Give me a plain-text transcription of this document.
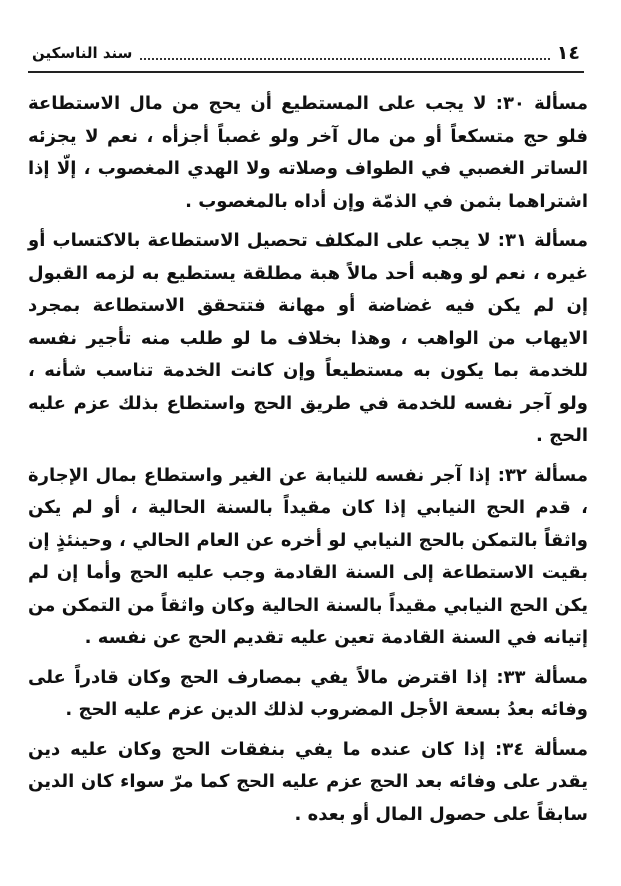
١٤
سند الناسكين

مسألة ٣٠: لا يجب على المستطيع أن يحج من مال الاستطاعة فلو حج متسكعاً أو من مال آخر ولو غصباً أجزأه ، نعم لا يجزئه الساتر الغصبي في الطواف وصلاته ولا الهدي المغصوب ، إلّا إذا اشتراهما بثمن في الذمّة وإن أداه بالمغصوب .

مسألة ٣١: لا يجب على المكلف تحصيل الاستطاعة بالاكتساب أو غيره ، نعم لو وهبه أحد مالاً هبة مطلقة يستطيع به لزمه القبول إن لم يكن فيه غضاضة أو مهانة فتتحقق الاستطاعة بمجرد الايهاب من الواهب ، وهذا بخلاف ما لو طلب منه تأجير نفسه للخدمة بما يكون به مستطيعاً وإن كانت الخدمة تناسب شأنه ، ولو آجر نفسه للخدمة في طريق الحج واستطاع بذلك عزم عليه الحج .

مسألة ٣٢: إذا آجر نفسه للنيابة عن الغير واستطاع بمال الإجارة ، قدم الحج النيابي إذا كان مقيداً بالسنة الحالية ، أو لم يكن واثقاً بالتمكن بالحج النيابي لو أخره عن العام الحالي ، وحينئذٍ إن بقيت الاستطاعة إلى السنة القادمة وجب عليه الحج وأما إن لم يكن الحج النيابي مقيداً بالسنة الحالية وكان واثقاً من التمكن من إتيانه في السنة القادمة تعين عليه تقديم الحج عن نفسه .

مسألة ٣٣: إذا اقترض مالاً يفي بمصارف الحج وكان قادراً على وفائه بعدُ بسعة الأجل المضروب لذلك الدين عزم عليه الحج .

مسألة ٣٤: إذا كان عنده ما يفي بنفقات الحج وكان عليه دين يقدر على وفائه بعد الحج عزم عليه الحج كما مرّ سواء كان الدين سابقاً على حصول المال أو بعده .
